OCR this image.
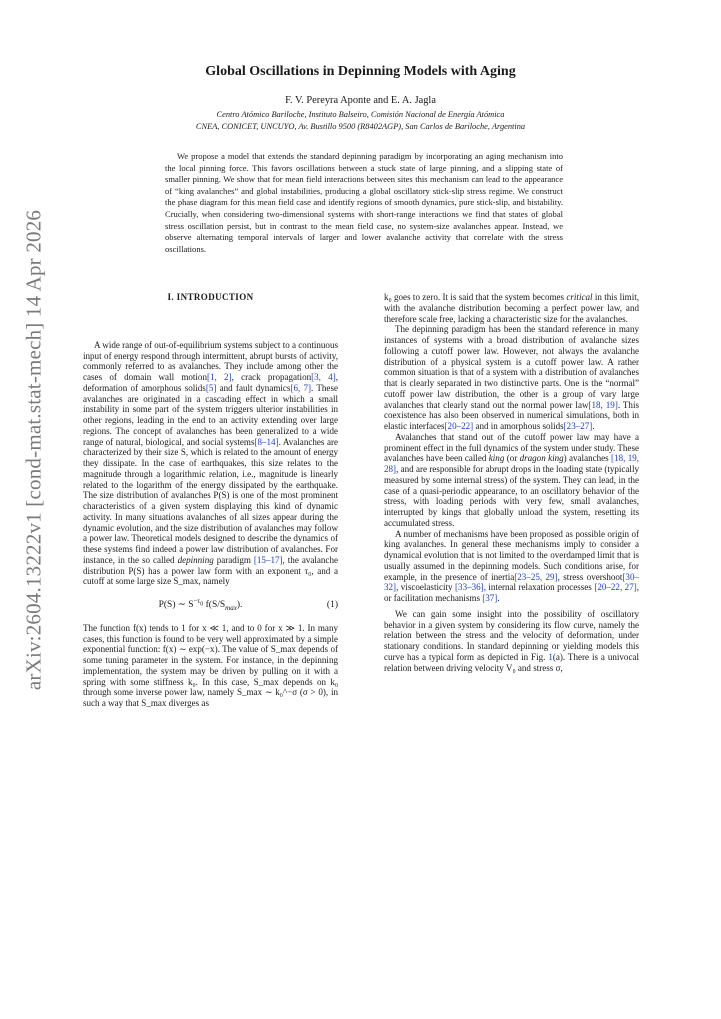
arXiv:2604.13222v1 [cond-mat.stat-mech] 14 Apr 2026
Global Oscillations in Depinning Models with Aging
F. V. Pereyra Aponte and E. A. Jagla
Centro Atómico Bariloche, Instituto Balseiro, Comisión Nacional de Energía Atómica
CNEA, CONICET, UNCUYO, Av. Bustillo 9500 (R8402AGP), San Carlos de Bariloche, Argentina

We propose a model that extends the standard depinning paradigm by incorporating an aging mechanism into the local pinning force. This favors oscillations between a stuck state of large pinning, and a slipping state of smaller pinning. We show that for mean field interactions between sites this mechanism can lead to the appearance of “king avalanches” and global instabilities, producing a global oscillatory stick-slip stress regime. We construct the phase diagram for this mean field case and identify regions of smooth dynamics, pure stick-slip, and bistability. Crucially, when considering two-dimensional systems with short-range interactions we find that states of global stress oscillation persist, but in contrast to the mean field case, no system-size avalanches appear. Instead, we observe alternating temporal intervals of larger and lower avalanche activity that correlate with the stress oscillations.

I. INTRODUCTION

A wide range of out-of-equilibrium systems subject to a continuous input of energy respond through intermittent, abrupt bursts of activity, commonly referred to as avalanches. They include among other the cases of domain wall motion[1, 2], crack propagation[3, 4], deformation of amorphous solids[5] and fault dynamics[6, 7]. These avalanches are originated in a cascading effect in which a small instability in some part of the system triggers ulterior instabilities in other regions, leading in the end to an activity extending over large regions. The concept of avalanches has been generalized to a wide range of natural, biological, and social systems[8–14]. Avalanches are characterized by their size S, which is related to the amount of energy they dissipate. In the case of earthquakes, this size relates to the magnitude through a logarithmic relation, i.e., magnitude is linearly related to the logarithm of the energy dissipated by the earthquake. The size distribution of avalanches P(S) is one of the most prominent characteristics of a given system displaying this kind of dynamic activity. In many situations avalanches of all sizes appear during the dynamic evolution, and the size distribution of avalanches may follow a power law. Theoretical models designed to describe the dynamics of these systems find indeed a power law distribution of avalanches. For instance, in the so called depinning paradigm [15–17], the avalanche distribution P(S) has a power law form with an exponent τ₀, and a cutoff at some large size S_max, namely

P(S) ∼ $S^{-\tau_0}$ $f(S/S_{max})$.	(1)

The function f(x) tends to 1 for x ≪ 1, and to 0 for x ≫ 1. In many cases, this function is found to be very well approximated by a simple exponential function: f(x) ∼ exp(−x). The value of S_max depends of some tuning parameter in the system. For instance, in the depinning implementation, the system may be driven by pulling on it with a spring with some stiffness k₀. In this case, S_max depends on k₀ through some inverse power law, namely S_max ∼ k₀^−σ (σ > 0), in such a way that S_max diverges as

k₀ goes to zero. It is said that the system becomes critical in this limit, with the avalanche distribution becoming a perfect power law, and therefore scale free, lacking a characteristic size for the avalanches.

The depinning paradigm has been the standard reference in many instances of systems with a broad distribution of avalanche sizes following a cutoff power law. However, not always the avalanche distribution of a physical system is a cutoff power law. A rather common situation is that of a system with a distribution of avalanches that is clearly separated in two distinctive parts. One is the “normal” cutoff power law distribution, the other is a group of vary large avalanches that clearly stand out the normal power law[18, 19]. This coexistence has also been observed in numerical simulations, both in elastic interfaces[20–22] and in amorphous solids[23–27].

Avalanches that stand out of the cutoff power law may have a prominent effect in the full dynamics of the system under study. These avalanches have been called king (or dragon king) avalanches [18, 19, 28], and are responsible for abrupt drops in the loading state (typically measured by some internal stress) of the system. They can lead, in the case of a quasi-periodic appearance, to an oscillatory behavior of the stress, with loading periods with very few, small avalanches, interrupted by kings that globally unload the system, resetting its accumulated stress.

A number of mechanisms have been proposed as possible origin of king avalanches. In general these mechanisms imply to consider a dynamical evolution that is not limited to the overdamped limit that is usually assumed in the depinning models. Such conditions arise, for example, in the presence of inertia[23–25, 29], stress overshoot[30–32], viscoelasticity [33–36], internal relaxation processes [20–22, 27], or facilitation mechanisms [37].

We can gain some insight into the possibility of oscillatory behavior in a given system by considering its flow curve, namely the relation between the stress and the velocity of deformation, under stationary conditions. In standard depinning or yielding models this curve has a typical form as depicted in Fig. 1(a). There is a univocal relation between driving velocity V₀ and stress σ,
